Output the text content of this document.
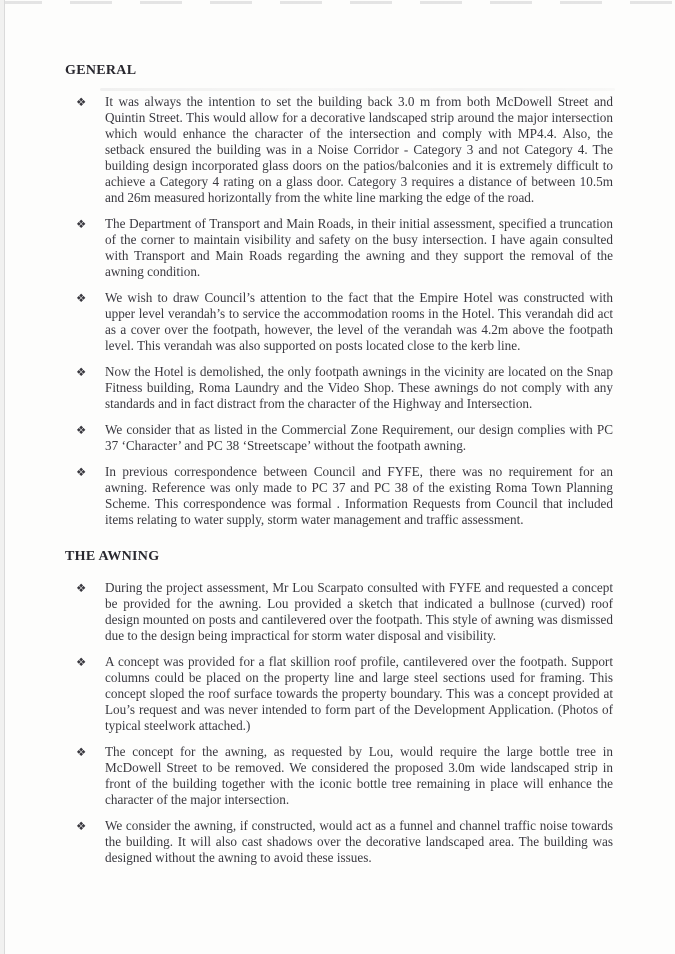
GENERAL
❖	It was always the intention to set the building back 3.0 m from both McDowell Street and Quintin Street. This would allow for a decorative landscaped strip around the major intersection which would enhance the character of the intersection and comply with MP4.4. Also, the setback ensured the building was in a Noise Corridor - Category 3 and not Category 4. The building design incorporated glass doors on the patios/balconies and it is extremely difficult to achieve a Category 4 rating on a glass door. Category 3 requires a distance of between 10.5m and 26m measured horizontally from the white line marking the edge of the road.

❖	The Department of Transport and Main Roads, in their initial assessment, specified a truncation of the corner to maintain visibility and safety on the busy intersection. I have again consulted with Transport and Main Roads regarding the awning and they support the removal of the awning condition.

❖	We wish to draw Council’s attention to the fact that the Empire Hotel was constructed with upper level verandah’s to service the accommodation rooms in the Hotel. This verandah did act as a cover over the footpath, however, the level of the verandah was 4.2m above the footpath level. This verandah was also supported on posts located close to the kerb line.

❖	Now the Hotel is demolished, the only footpath awnings in the vicinity are located on the Snap Fitness building, Roma Laundry and the Video Shop. These awnings do not comply with any standards and in fact distract from the character of the Highway and Intersection.

❖	We consider that as listed in the Commercial Zone Requirement, our design complies with PC 37 ‘Character’ and PC 38 ‘Streetscape’ without the footpath awning.

❖	In previous correspondence between Council and FYFE, there was no requirement for an awning. Reference was only made to PC 37 and PC 38 of the existing Roma Town Planning Scheme. This correspondence was formal . Information Requests from Council that included items relating to water supply, storm water management and traffic assessment.

THE AWNING
❖	During the project assessment, Mr Lou Scarpato consulted with FYFE and requested a concept be provided for the awning. Lou provided a sketch that indicated a bullnose (curved) roof design mounted on posts and cantilevered over the footpath. This style of awning was dismissed due to the design being impractical for storm water disposal and visibility.

❖	A concept was provided for a flat skillion roof profile, cantilevered over the footpath. Support columns could be placed on the property line and large steel sections used for framing. This concept sloped the roof surface towards the property boundary. This was a concept provided at Lou’s request and was never intended to form part of the Development Application. (Photos of typical steelwork attached.)

❖	The concept for the awning, as requested by Lou, would require the large bottle tree in McDowell Street to be removed. We considered the proposed 3.0m wide landscaped strip in front of the building together with the iconic bottle tree remaining in place will enhance the character of the major intersection.

❖	We consider the awning, if constructed, would act as a funnel and channel traffic noise towards the building. It will also cast shadows over the decorative landscaped area. The building was designed without the awning to avoid these issues.
